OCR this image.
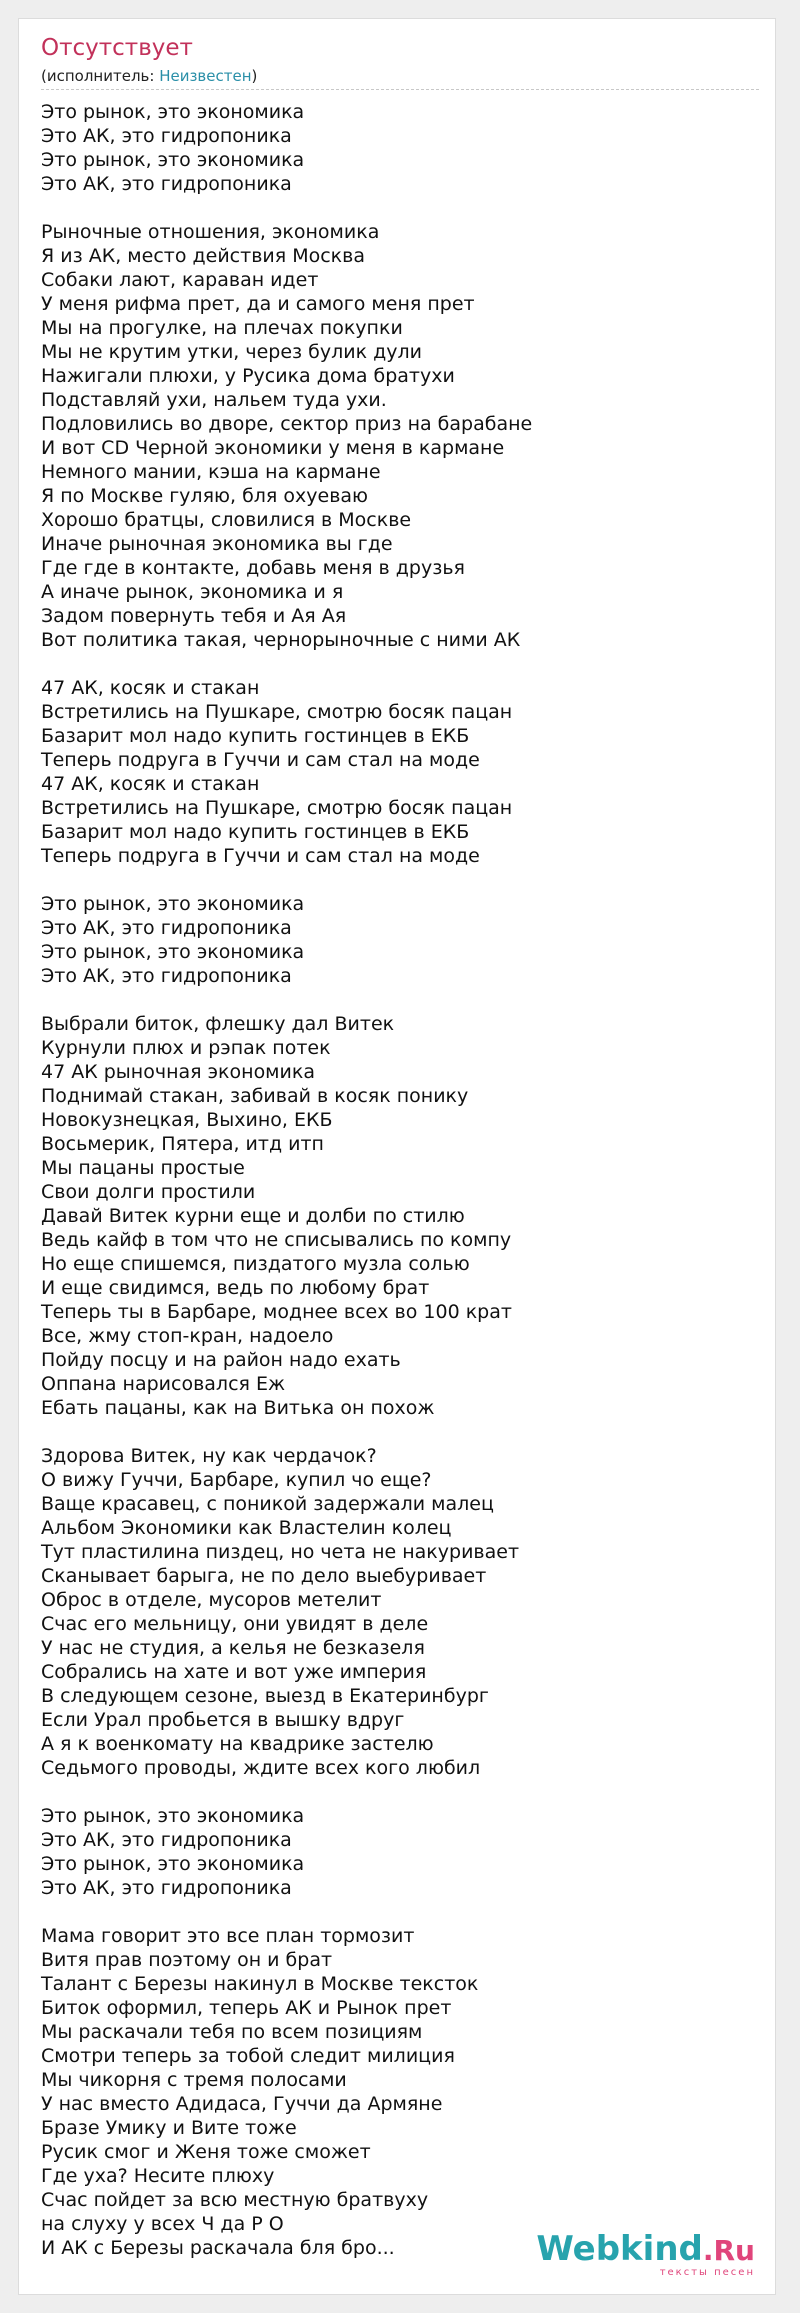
Отсутствует
(исполнитель: Неизвестен)
Это рынок, это экономика
Это АК, это гидропоника
Это рынок, это экономика
Это АК, это гидропоника
Рыночные отношения, экономика
Я из АК, место действия Москва
Собаки лают, караван идет
У меня рифма прет, да и самого меня прет
Мы на прогулке, на плечах покупки
Мы не крутим утки, через булик дули
Нажигали плюхи, у Русика дома братухи
Подставляй ухи, нальем туда ухи.
Подловились во дворе, сектор приз на барабане
И вот CD Черной экономики у меня в кармане
Немного мании, кэша на кармане
Я по Москве гуляю, бля охуеваю
Хорошо братцы, словилися в Москве
Иначе рыночная экономика вы где
Где где в контакте, добавь меня в друзья
А иначе рынок, экономика и я
Задом повернуть тебя и Ая Ая
Вот политика такая, чернорыночные с ними АК
47 АК, косяк и стакан
Встретились на Пушкаре, смотрю босяк пацан
Базарит мол надо купить гостинцев в ЕКБ
Теперь подруга в Гуччи и сам стал на моде
47 АК, косяк и стакан
Встретились на Пушкаре, смотрю босяк пацан
Базарит мол надо купить гостинцев в ЕКБ
Теперь подруга в Гуччи и сам стал на моде
Это рынок, это экономика
Это АК, это гидропоника
Это рынок, это экономика
Это АК, это гидропоника
Выбрали биток, флешку дал Витек
Курнули плюх и рэпак потек
47 АК рыночная экономика
Поднимай стакан, забивай в косяк понику
Новокузнецкая, Выхино, ЕКБ
Восьмерик, Пятера, итд итп
Мы пацаны простые
Свои долги простили
Давай Витек курни еще и долби по стилю
Ведь кайф в том что не списывались по компу
Но еще спишемся, пиздатого музла солью
И еще свидимся, ведь по любому брат
Теперь ты в Барбаре, моднее всех во 100 крат
Все, жму стоп-кран, надоело
Пойду посцу и на район надо ехать
Оппана нарисовался Еж
Ебать пацаны, как на Витька он похож
Здорова Витек, ну как чердачок?
О вижу Гуччи, Барбаре, купил чо еще?
Ваще красавец, с поникой задержали малец
Альбом Экономики как Властелин колец
Тут пластилина пиздец, но чета не накуривает
Сканывает барыга, не по дело выебуривает
Оброс в отделе, мусоров метелит
Счас его мельницу, они увидят в деле
У нас не студия, а келья не безказеля
Собрались на хате и вот уже империя
В следующем сезоне, выезд в Екатеринбург
Если Урал пробьется в вышку вдруг
А я к военкомату на квадрике застелю
Седьмого проводы, ждите всех кого любил
Это рынок, это экономика
Это АК, это гидропоника
Это рынок, это экономика
Это АК, это гидропоника
Мама говорит это все план тормозит
Витя прав поэтому он и брат
Талант с Березы накинул в Москве тексток
Биток оформил, теперь АК и Рынок прет
Мы раскачали тебя по всем позициям
Смотри теперь за тобой следит милиция
Мы чикорня с тремя полосами
У нас вместо Адидаса, Гуччи да Армяне
Бразе Умику и Вите тоже
Русик смог и Женя тоже сможет
Где уха? Несите плюху
Счас пойдет за всю местную братвуху
на слуху у всех Ч да Р О
И АК с Березы раскачала бля бро...	Webkind.Ru
тексты песен
